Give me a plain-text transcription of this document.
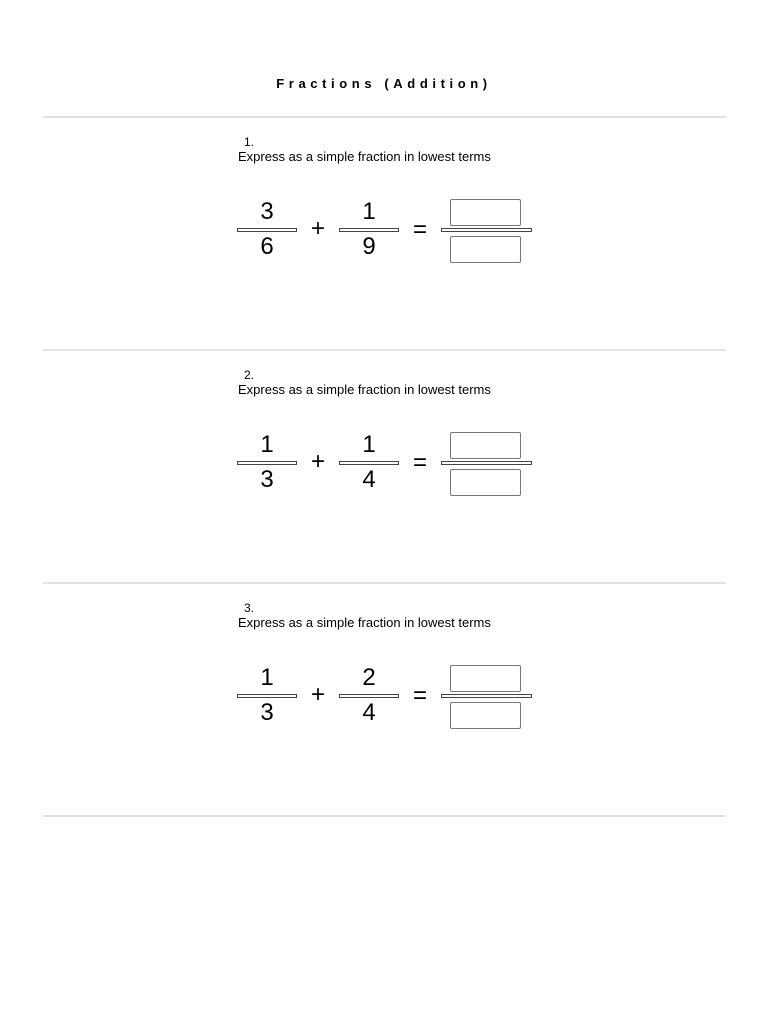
Fractions (Addition)
1.
Express as a simple fraction in lowest terms
3
6
+
1
9
=
2.
Express as a simple fraction in lowest terms
1
3
+
1
4
=
3.
Express as a simple fraction in lowest terms
1
3
+
2
4
=
